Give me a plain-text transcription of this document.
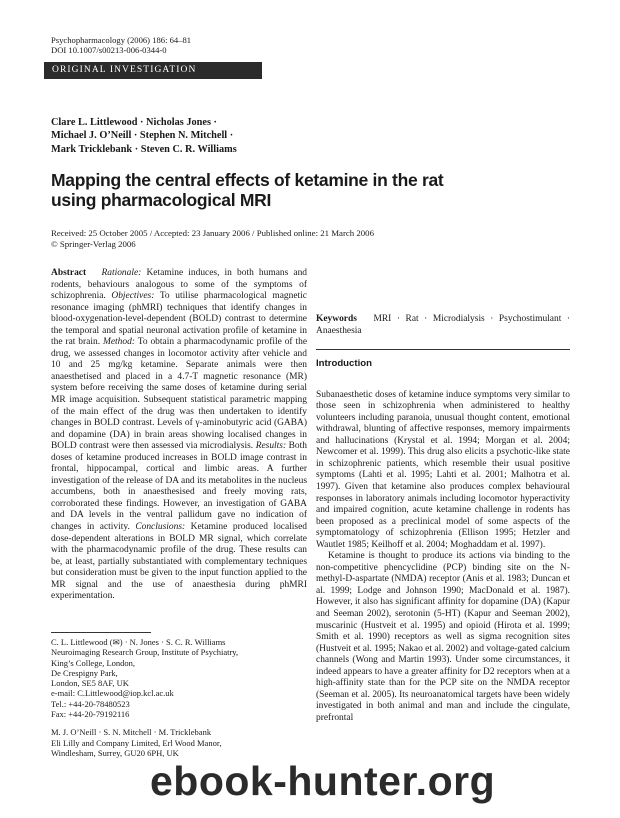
Psychopharmacology (2006) 186: 64–81
DOI 10.1007/s00213-006-0344-0
ORIGINAL INVESTIGATION
Clare L. Littlewood · Nicholas Jones ·
Michael J. O’Neill · Stephen N. Mitchell ·
Mark Tricklebank · Steven C. R. Williams
Mapping the central effects of ketamine in the rat using pharmacological MRI
Received: 25 October 2005 / Accepted: 23 January 2006 / Published online: 21 March 2006
© Springer-Verlag 2006

Abstract Rationale: Ketamine induces, in both humans and rodents, behaviours analogous to some of the symptoms of schizophrenia. Objectives: To utilise pharmacological magnetic resonance imaging (phMRI) techniques that identify changes in blood-oxygenation-level-dependent (BOLD) contrast to determine the temporal and spatial neuronal activation profile of ketamine in the rat brain. Method: To obtain a pharmacodynamic profile of the drug, we assessed changes in locomotor activity after vehicle and 10 and 25 mg/kg ketamine. Separate animals were then anaesthetised and placed in a 4.7-T magnetic resonance (MR) system before receiving the same doses of ketamine during serial MR image acquisition. Subsequent statistical parametric mapping of the main effect of the drug was then undertaken to identify changes in BOLD contrast. Levels of γ-aminobutyric acid (GABA) and dopamine (DA) in brain areas showing localised changes in BOLD contrast were then assessed via microdialysis. Results: Both doses of ketamine produced increases in BOLD image contrast in frontal, hippocampal, cortical and limbic areas. A further investigation of the release of DA and its metabolites in the nucleus accumbens, both in anaesthesised and freely moving rats, corroborated these findings. However, an investigation of GABA and DA levels in the ventral pallidum gave no indication of changes in activity. Conclusions: Ketamine produced localised dose-dependent alterations in BOLD MR signal, which correlate with the pharmacodynamic profile of the drug. These results can be, at least, partially substantiated with complementary techniques but consideration must be given to the input function applied to the MR signal and the use of anaesthesia during phMRI experimentation.

C. L. Littlewood (✉) · N. Jones · S. C. R. Williams
Neuroimaging Research Group, Institute of Psychiatry,
King’s College, London,
De Crespigny Park,
London, SE5 8AF, UK
e-mail: C.Littlewood@iop.kcl.ac.uk
Tel.: +44-20-78480523
Fax: +44-20-79192116
M. J. O’Neill · S. N. Mitchell · M. Tricklebank
Eli Lilly and Company Limited, Erl Wood Manor,
Windlesham, Surrey, GU20 6PH, UK

Keywords MRI · Rat · Microdialysis · Psychostimulant · Anaesthesia

Introduction

Subanaesthetic doses of ketamine induce symptoms very similar to those seen in schizophrenia when administered to healthy volunteers including paranoia, unusual thought content, emotional withdrawal, blunting of affective responses, memory impairments and hallucinations (Krystal et al. 1994; Morgan et al. 2004; Newcomer et al. 1999). This drug also elicits a psychotic-like state in schizophrenic patients, which resemble their usual positive symptoms (Lahti et al. 1995; Lahti et al. 2001; Malhotra et al. 1997). Given that ketamine also produces complex behavioural responses in laboratory animals including locomotor hyperactivity and impaired cognition, acute ketamine challenge in rodents has been proposed as a preclinical model of some aspects of the symptomatology of schizophrenia (Ellison 1995; Hetzler and Wautlet 1985; Keilhoff et al. 2004; Moghaddam et al. 1997).

Ketamine is thought to produce its actions via binding to the non-competitive phencyclidine (PCP) binding site on the N-methyl-D-aspartate (NMDA) receptor (Anis et al. 1983; Duncan et al. 1999; Lodge and Johnson 1990; MacDonald et al. 1987). However, it also has significant affinity for dopamine (DA) (Kapur and Seeman 2002), serotonin (5-HT) (Kapur and Seeman 2002), muscarinic (Hustveit et al. 1995) and opioid (Hirota et al. 1999; Smith et al. 1990) receptors as well as sigma recognition sites (Hustveit et al. 1995; Nakao et al. 2002) and voltage-gated calcium channels (Wong and Martin 1993). Under some circumstances, it indeed appears to have a greater affinity for D2 receptors when at a high-affinity state than for the PCP site on the NMDA receptor (Seeman et al. 2005). Its neuroanatomical targets have been widely investigated in both animal and man and include the cingulate, prefrontal

ebook-hunter.org
